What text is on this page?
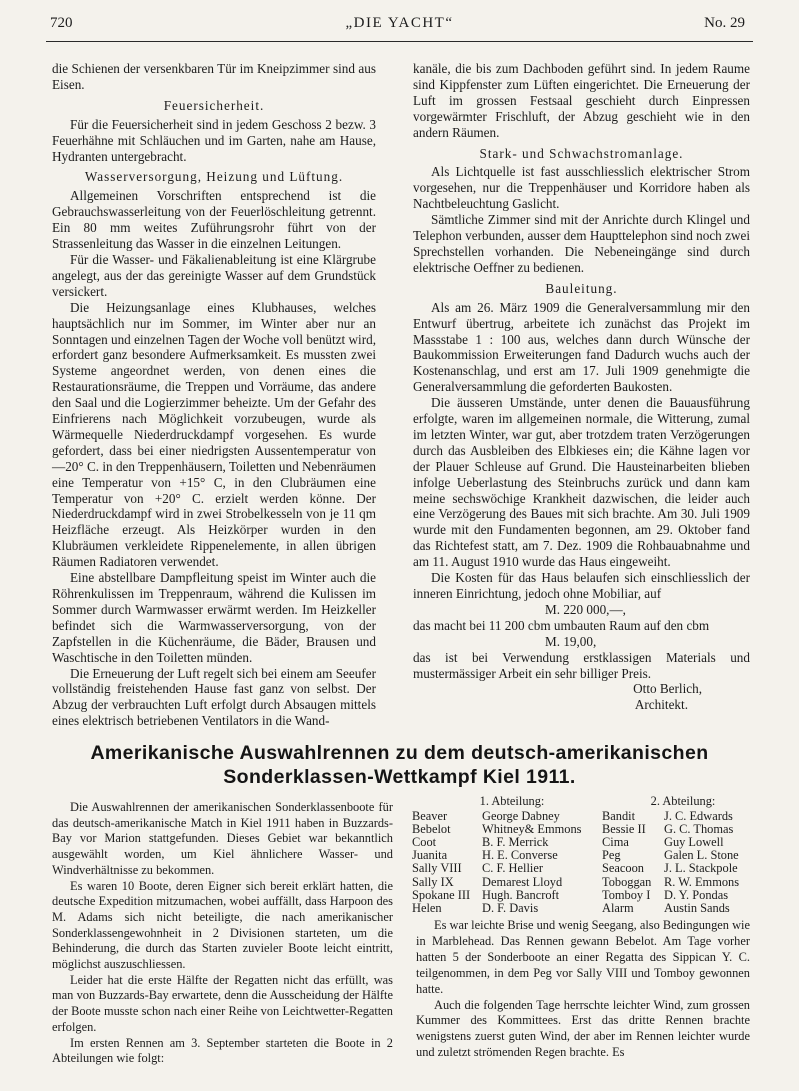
720	„DIE YACHT“	No. 29

die Schienen der versenkbaren Tür im Kneipzimmer sind aus Eisen.

Feuersicherheit.

Für die Feuersicherheit sind in jedem Geschoss 2 bezw. 3 Feuerhähne mit Schläuchen und im Garten, nahe am Hause, Hydranten untergebracht.

Wasserversorgung, Heizung und Lüftung.

Allgemeinen Vorschriften entsprechend ist die Gebrauchswasserleitung von der Feuerlöschleitung getrennt. Ein 80 mm weites Zuführungsrohr führt von der Strassenleitung das Wasser in die einzelnen Leitungen.

Für die Wasser- und Fäkalienableitung ist eine Klärgrube angelegt, aus der das gereinigte Wasser auf dem Grundstück versickert.

Die Heizungsanlage eines Klubhauses, welches hauptsächlich nur im Sommer, im Winter aber nur an Sonntagen und einzelnen Tagen der Woche voll benützt wird, erfordert ganz besondere Aufmerksamkeit. Es mussten zwei Systeme angeordnet werden, von denen eines die Restaurationsräume, die Treppen und Vorräume, das andere den Saal und die Logierzimmer beheizte. Um der Gefahr des Einfrierens nach Möglichkeit vorzubeugen, wurde als Wärmequelle Niederdruckdampf vorgesehen. Es wurde gefordert, dass bei einer niedrigsten Aussentemperatur von —20° C. in den Treppenhäusern, Toiletten und Nebenräumen eine Temperatur von +15° C, in den Clubräumen eine Temperatur von +20° C. erzielt werden könne. Der Niederdruckdampf wird in zwei Strobelkesseln von je 11 qm Heizfläche erzeugt. Als Heizkörper wurden in den Klubräumen verkleidete Rippenelemente, in allen übrigen Räumen Radiatoren verwendet.

Eine abstellbare Dampfleitung speist im Winter auch die Röhrenkulissen im Treppenraum, während die Kulissen im Sommer durch Warmwasser erwärmt werden. Im Heizkeller befindet sich die Warmwasserversorgung, von der Zapfstellen in die Küchenräume, die Bäder, Brausen und Waschtische in den Toiletten münden.

Die Erneuerung der Luft regelt sich bei einem am Seeufer vollständig freistehenden Hause fast ganz von selbst. Der Abzug der verbrauchten Luft erfolgt durch Absaugen mittels eines elektrisch betriebenen Ventilators in die Wand-

kanäle, die bis zum Dachboden geführt sind. In jedem Raume sind Kippfenster zum Lüften eingerichtet. Die Erneuerung der Luft im grossen Festsaal geschieht durch Einpressen vorgewärmter Frischluft, der Abzug geschieht wie in den andern Räumen.

Stark- und Schwachstromanlage.

Als Lichtquelle ist fast ausschliesslich elektrischer Strom vorgesehen, nur die Treppenhäuser und Korridore haben als Nachtbeleuchtung Gaslicht.

Sämtliche Zimmer sind mit der Anrichte durch Klingel und Telephon verbunden, ausser dem Haupttelephon sind noch zwei Sprechstellen vorhanden. Die Nebeneingänge sind durch elektrische Oeffner zu bedienen.

Bauleitung.

Als am 26. März 1909 die Generalversammlung mir den Entwurf übertrug, arbeitete ich zunächst das Projekt im Massstabe 1 : 100 aus, welches dann durch Wünsche der Baukommission Erweiterungen fand Dadurch wuchs auch der Kostenanschlag, und erst am 17. Juli 1909 genehmigte die Generalversammlung die geforderten Baukosten.

Die äusseren Umstände, unter denen die Bauausführung erfolgte, waren im allgemeinen normale, die Witterung, zumal im letzten Winter, war gut, aber trotzdem traten Verzögerungen durch das Ausbleiben des Elbkieses ein; die Kähne lagen vor der Plauer Schleuse auf Grund. Die Hausteinarbeiten blieben infolge Ueberlastung des Steinbruchs zurück und dann kam meine sechswöchige Krankheit dazwischen, die leider auch eine Verzögerung des Baues mit sich brachte. Am 30. Juli 1909 wurde mit den Fundamenten begonnen, am 29. Oktober fand das Richtefest statt, am 7. Dez. 1909 die Rohbauabnahme und am 11. August 1910 wurde das Haus eingeweiht.

Die Kosten für das Haus belaufen sich einschliesslich der inneren Einrichtung, jedoch ohne Mobiliar, auf

M. 220 000,—,

das macht bei 11 200 cbm umbauten Raum auf den cbm

M. 19,00,

das ist bei Verwendung erstklassigen Materials und mustermässiger Arbeit ein sehr billiger Preis.

Otto Berlich,

Architekt.

Amerikanische Auswahlrennen zu dem deutsch-amerikanischen
Sonderklassen-Wettkampf Kiel 1911.

Die Auswahlrennen der amerikanischen Sonderklassenboote für das deutsch-amerikanische Match in Kiel 1911 haben in Buzzards-Bay vor Marion stattgefunden. Dieses Gebiet war bekanntlich ausgewählt worden, um Kiel ähnlichere Wasser- und Windverhältnisse zu bekommen.

Es waren 10 Boote, deren Eigner sich bereit erklärt hatten, die deutsche Expedition mitzumachen, wobei auffällt, dass Harpoon des M. Adams sich nicht beteiligte, die nach amerikanischer Sonderklassengewohnheit in 2 Divisionen starteten, um die Behinderung, die durch das Starten zuvieler Boote leicht eintritt, möglichst auszuschliessen.

Leider hat die erste Hälfte der Regatten nicht das erfüllt, was man von Buzzards-Bay erwartete, denn die Ausscheidung der Hälfte der Boote musste schon nach einer Reihe von Leichtwetter-Regatten erfolgen.

Im ersten Rennen am 3. September starteten die Boote in 2 Abteilungen wie folgt:

1. Abteilung:	2. Abteilung:
Beaver	George Dabney	Bandit	J. C. Edwards
Bebelot	Whitney& Emmons	Bessie II	G. C. Thomas
Coot	B. F. Merrick	Cima	Guy Lowell
Juanita	H. E. Converse	Peg	Galen L. Stone
Sally VIII	C. F. Hellier	Seacoon	J. L. Stackpole
Sally IX	Demarest Lloyd	Toboggan	R. W. Emmons
Spokane III Hugh. Bancroft	Tomboy I	D. Y. Pondas
Helen	D. F. Davis	Alarm	Austin Sands

Es war leichte Brise und wenig Seegang, also Bedingungen wie in Marblehead. Das Rennen gewann Bebelot. Am Tage vorher hatten 5 der Sonderboote an einer Regatta des Sippican Y. C. teilgenommen, in dem Peg vor Sally VIII und Tomboy gewonnen hatte.

Auch die folgenden Tage herrschte leichter Wind, zum grossen Kummer des Kommittees. Erst das dritte Rennen brachte wenigstens zuerst guten Wind, der aber im Rennen leichter wurde und zuletzt strömenden Regen brachte. Es
